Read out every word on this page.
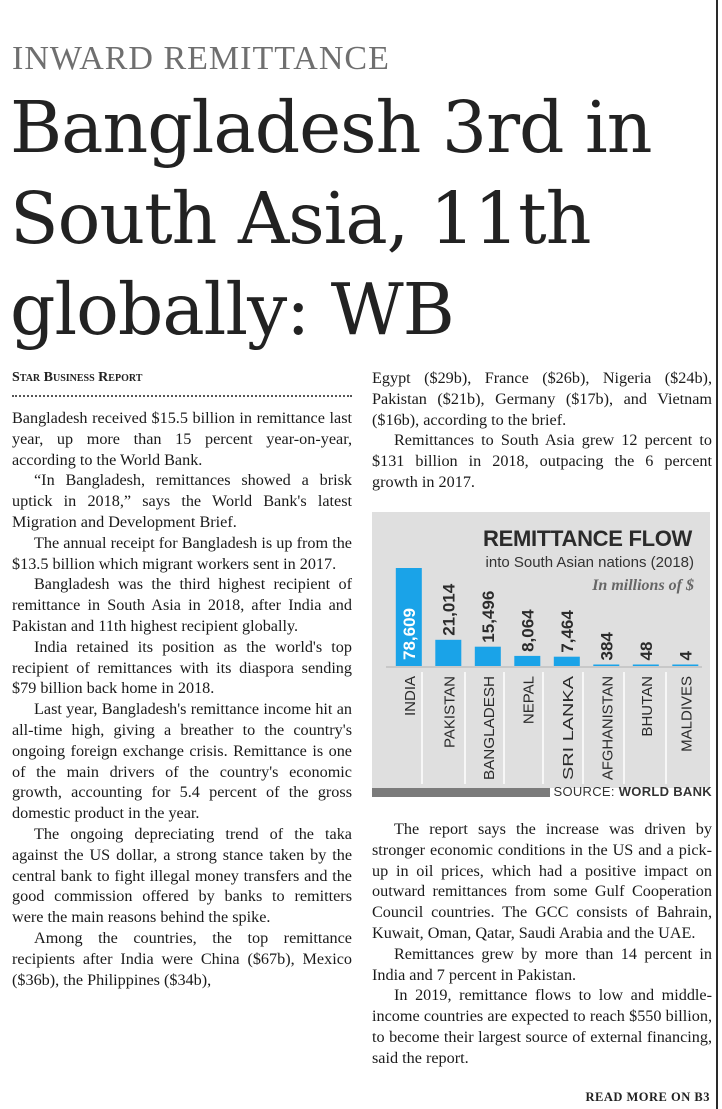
INWARD REMITTANCE
Bangladesh 3rd in South Asia, 11th globally: WB
Star Business Report

Bangladesh received $15.5 billion in remittance last year, up more than 15 percent year-on-year, according to the World Bank.

“In Bangladesh, remittances showed a brisk uptick in 2018,” says the World Bank's latest Migration and Development Brief.

The annual receipt for Bangladesh is up from the $13.5 billion which migrant workers sent in 2017.

Bangladesh was the third highest recipient of remittance in South Asia in 2018, after India and Pakistan and 11th highest recipient globally.

India retained its position as the world's top recipient of remittances with its diaspora sending $79 billion back home in 2018.

Last year, Bangladesh's remittance income hit an all-time high, giving a breather to the country's ongoing foreign exchange crisis. Remittance is one of the main drivers of the country's economic growth, accounting for 5.4 percent of the gross domestic product in the year.

The ongoing depreciating trend of the taka against the US dollar, a strong stance taken by the central bank to fight illegal money transfers and the good commission offered by banks to remitters were the main reasons behind the spike.

Among the countries, the top remittance recipients after India were China ($67b), Mexico ($36b), the Philippines ($34b),

Egypt ($29b), France ($26b), Nigeria ($24b), Pakistan ($21b), Germany ($17b), and Vietnam ($16b), according to the brief.

Remittances to South Asia grew 12 percent to $131 billion in 2018, outpacing the 6 percent growth in 2017.

REMITTANCE FLOW
into South Asian nations (2018)
In millions of $
78,609
INDIA
21,014
PAKISTAN
15,496
BANGLADESH
8,064
NEPAL
7,464
SRI LANKA
384
AFGHANISTAN
48
BHUTAN
4
MALDIVES
SOURCE: WORLD BANK

The report says the increase was driven by stronger economic conditions in the US and a pick-up in oil prices, which had a positive impact on outward remittances from some Gulf Cooperation Council countries. The GCC consists of Bahrain, Kuwait, Oman, Qatar, Saudi Arabia and the UAE.

Remittances grew by more than 14 percent in India and 7 percent in Pakistan.

In 2019, remittance flows to low and middle-income countries are expected to reach $550 billion, to become their largest source of external financing, said the report.

READ MORE ON B3
